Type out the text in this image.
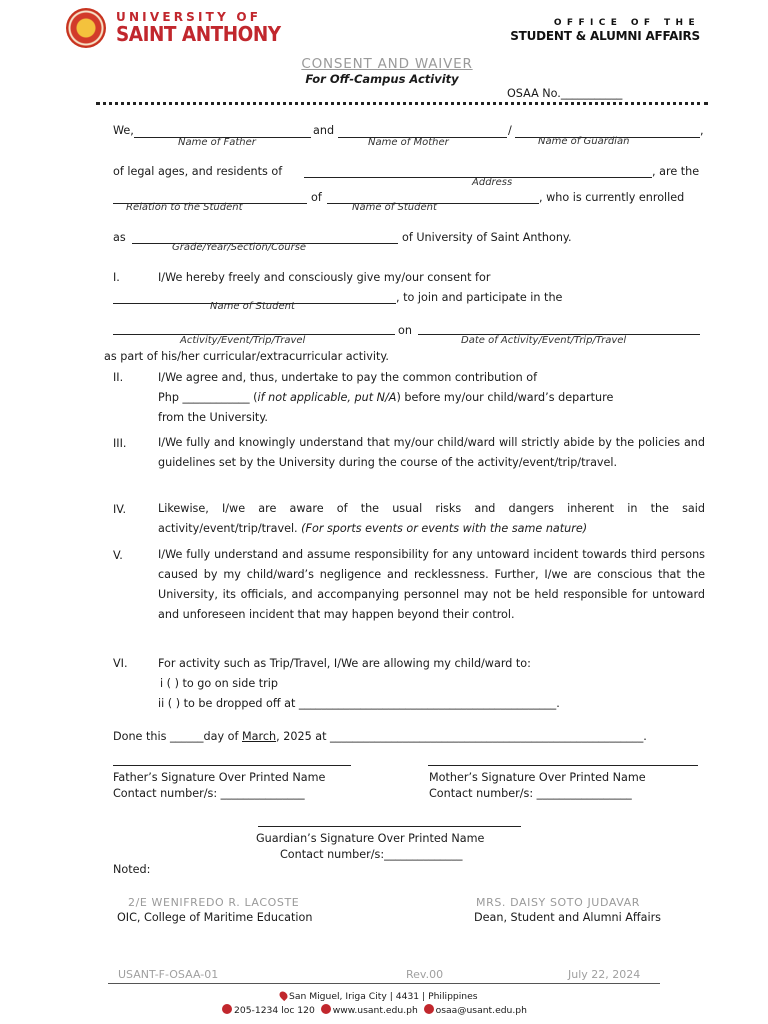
UNIVERSITY OF
SAINT ANTHONY	OFFICE OF THE
STUDENT & ALUMNI AFFAIRS
CONSENT AND WAIVER
For Off-Campus Activity
OSAA No.___________
We,	and	/	,
Name of Father	Name of Mother	Name of Guardian
of legal ages, and residents of	, are the
Address
of	, who is currently enrolled
Relation to the Student	Name of Student
as	of University of Saint Anthony.
Grade/Year/Section/Course
I.	I/We hereby freely and consciously give my/our consent for
, to join and participate in the
Name of Student
on
Activity/Event/Trip/Travel	Date of Activity/Event/Trip/Travel
as part of his/her curricular/extracurricular activity.
II.	I/We agree and, thus, undertake to pay the common contribution of
Php ____________ (if not applicable, put N/A) before my/our child/ward’s departure
from the University.
III.	I/We fully and knowingly understand that my/our child/ward will strictly abide by the policies and guidelines set by the University during the course of the activity/event/trip/travel.
IV.	Likewise, I/we are aware of the usual risks and dangers inherent in the said activity/event/trip/travel. (For sports events or events with the same nature)
V.	I/We fully understand and assume responsibility for any untoward incident towards third persons caused by my child/ward’s negligence and recklessness. Further, I/we are conscious that the University, its officials, and accompanying personnel may not be held responsible for untoward and unforeseen incident that may happen beyond their control.
VI.	For activity such as Trip/Travel, I/We are allowing my child/ward to:
i ( ) to go on side trip
ii ( ) to be dropped off at ______________________________________________.
Done this ______day of March, 2025 at ________________________________________________________.
Father’s Signature Over Printed Name
Contact number/s: _______________
Mother’s Signature Over Printed Name
Contact number/s: _________________
Guardian’s Signature Over Printed Name
Contact number/s:______________
Noted:
2/E WENIFREDO R. LACOSTE
OIC, College of Maritime Education
MRS. DAISY SOTO JUDAVAR
Dean, Student and Alumni Affairs
USANT-F-OSAA-01	Rev.00	July 22, 2024
San Miguel, Iriga City | 4431 | Philippines
205-1234 loc 120 www.usant.edu.ph osaa@usant.edu.ph
